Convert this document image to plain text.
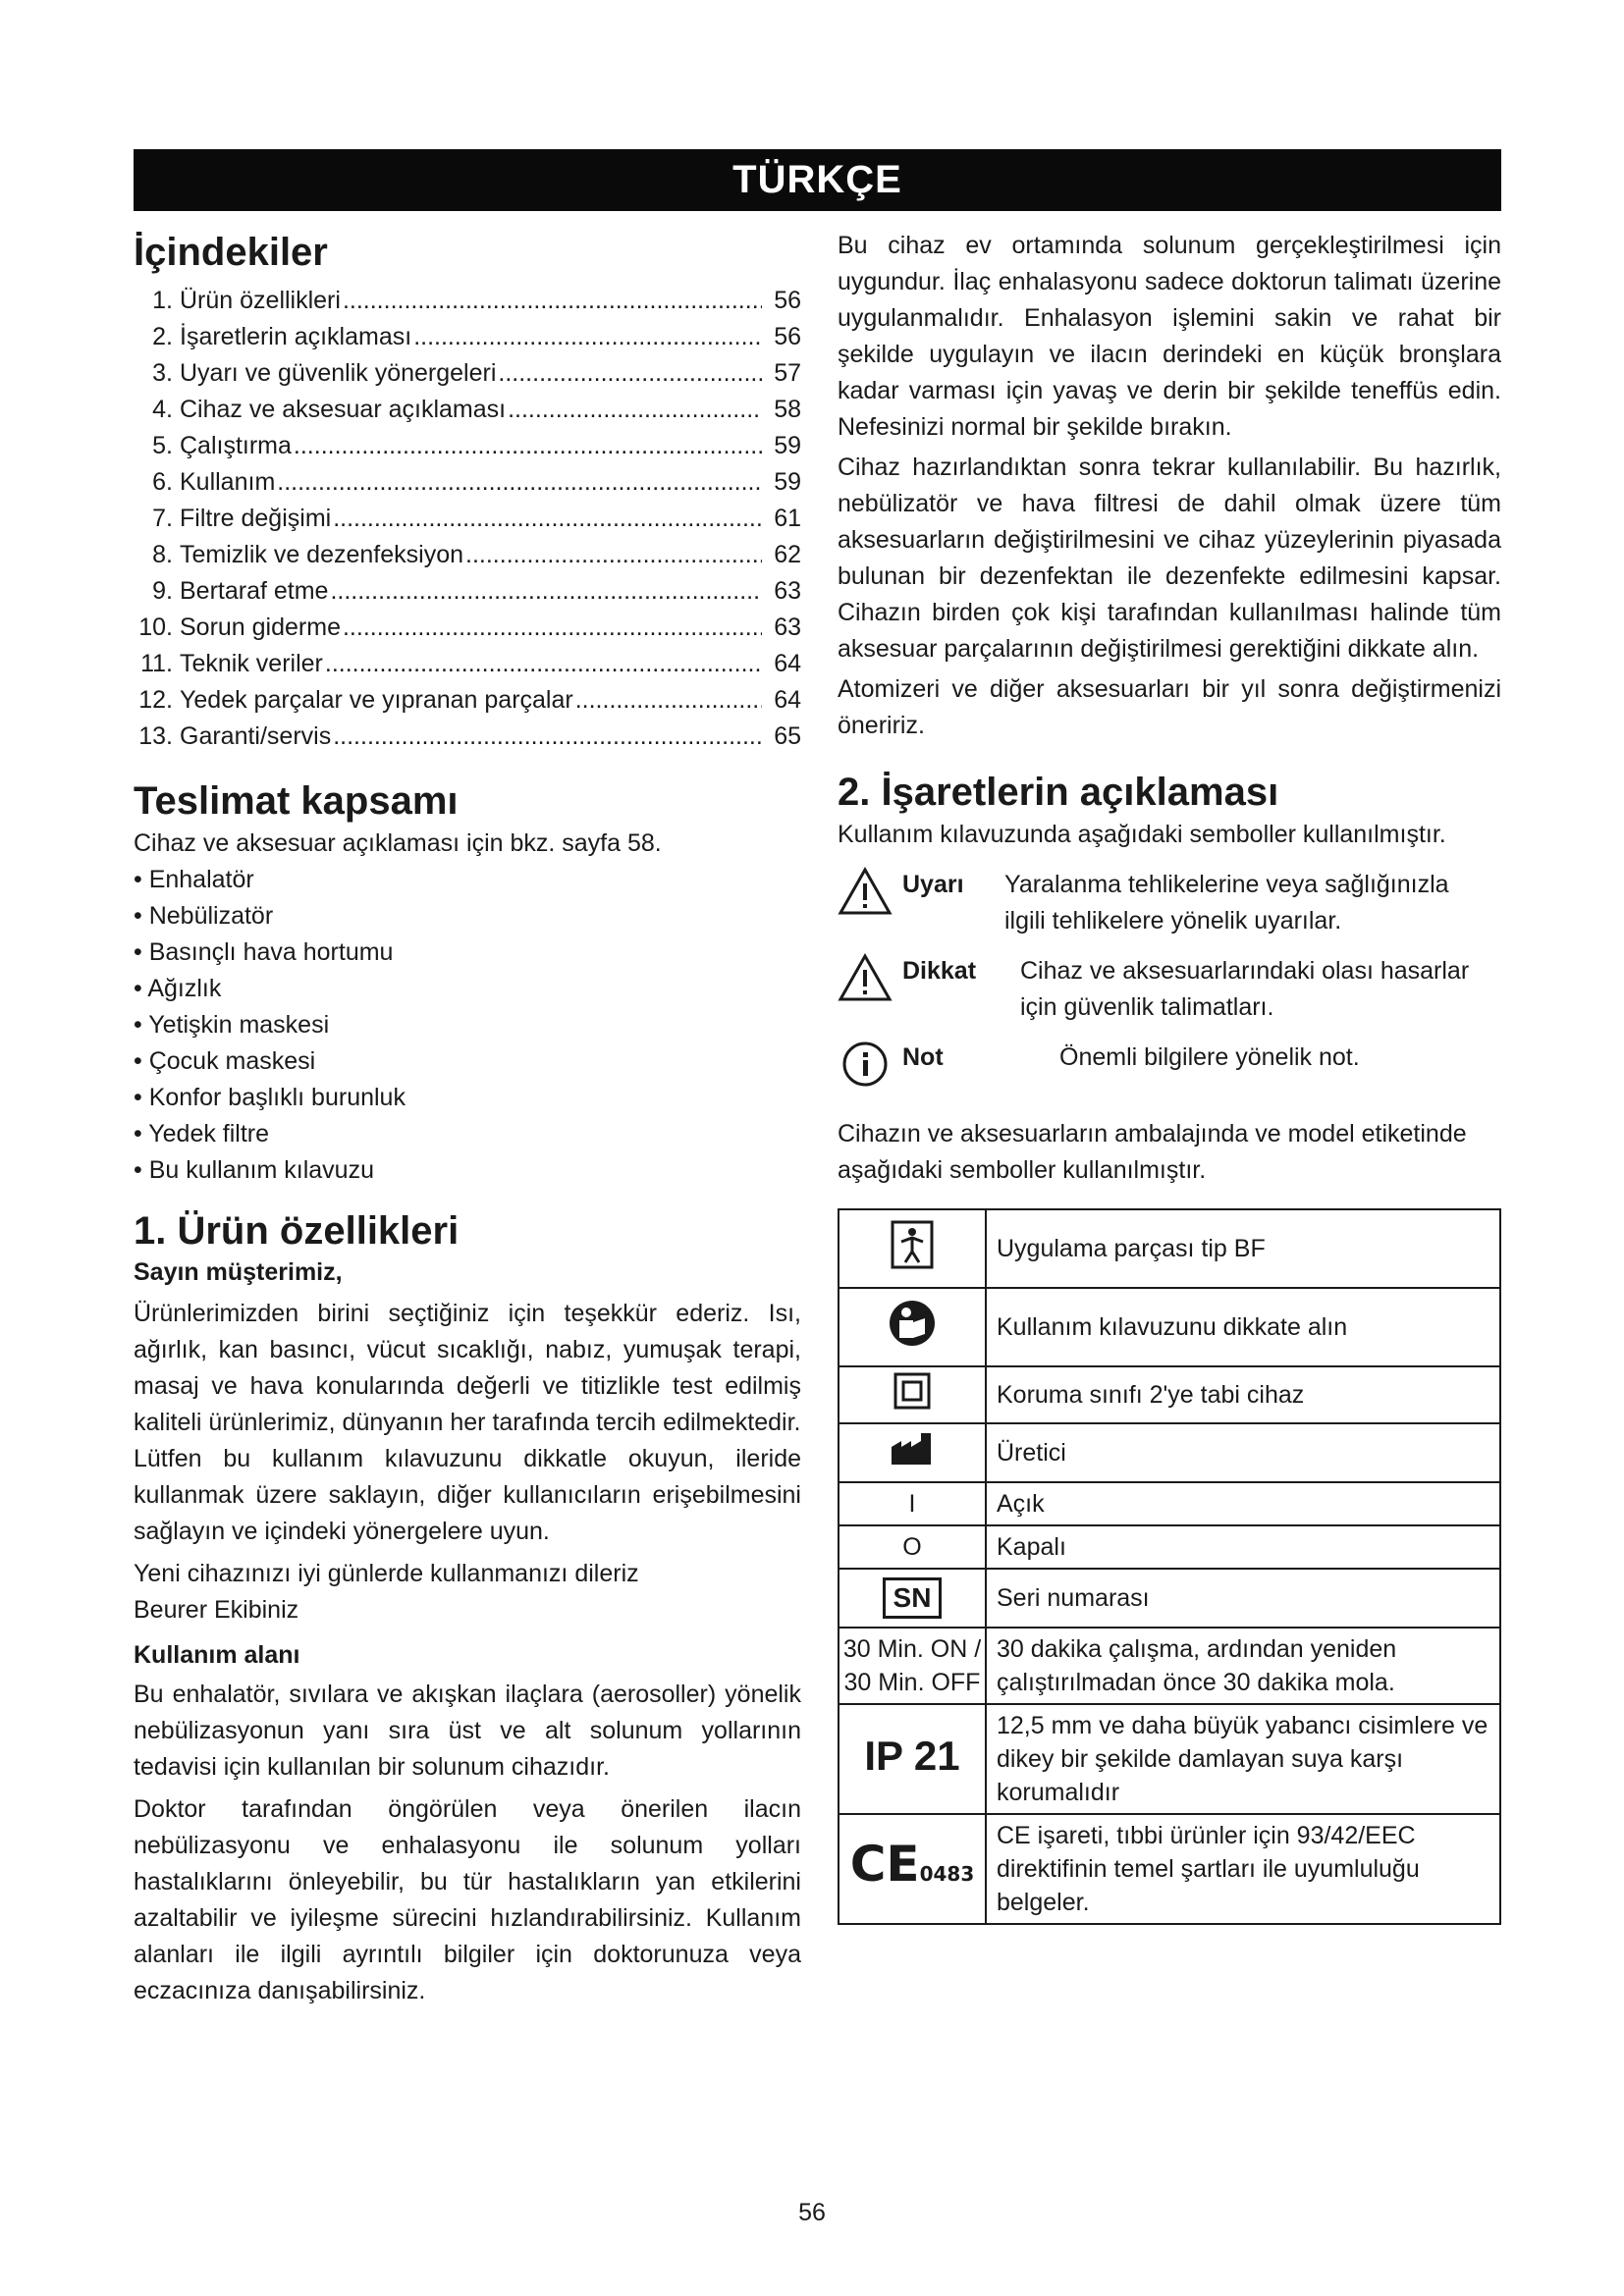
TÜRKÇE
İçindekiler
1. Ürün özellikleri .....	56
2. İşaretlerin açıklaması .....	56
3. Uyarı ve güvenlik yönergeleri .....	57
4. Cihaz ve aksesuar açıklaması .....	58
5. Çalıştırma .....	59
6. Kullanım .....	59
7. Filtre değişimi .....	61
8. Temizlik ve dezenfeksiyon .....	62
9. Bertaraf etme .....	63
10. Sorun giderme .....	63
11. Teknik veriler .....	64
12. Yedek parçalar ve yıpranan parçalar .....	64
13. Garanti/servis .....	65
Teslimat kapsamı

Cihaz ve aksesuar açıklaması için bkz. sayfa 58.

• Enhalatör
• Nebülizatör
• Basınçlı hava hortumu
• Ağızlık
• Yetişkin maskesi
• Çocuk maskesi
• Konfor başlıklı burunluk
• Yedek filtre
• Bu kullanım kılavuzu
1. Ürün özellikleri
Sayın müşterimiz,

Ürünlerimizden birini seçtiğiniz için teşekkür ederiz. Isı, ağırlık, kan basıncı, vücut sıcaklığı, nabız, yumuşak terapi, masaj ve hava konularında değerli ve titizlikle test edilmiş kaliteli ürünlerimiz, dünyanın her tarafında tercih edilmektedir.

Lütfen bu kullanım kılavuzunu dikkatle okuyun, ileride kullanmak üzere saklayın, diğer kullanıcıların erişebilmesini sağlayın ve içindeki yönergelere uyun.

Yeni cihazınızı iyi günlerde kullanmanızı dileriz

Beurer Ekibiniz

Kullanım alanı

Bu enhalatör, sıvılara ve akışkan ilaçlara (aerosoller) yönelik nebülizasyonun yanı sıra üst ve alt solunum yollarının tedavisi için kullanılan bir solunum cihazıdır.

Doktor tarafından öngörülen veya önerilen ilacın nebülizasyonu ve enhalasyonu ile solunum yolları hastalıklarını önleyebilir, bu tür hastalıkların yan etkilerini azaltabilir ve iyileşme sürecini hızlandırabilirsiniz. Kullanım alanları ile ilgili ayrıntılı bilgiler için doktorunuza veya eczacınıza danışabilirsiniz.

Bu cihaz ev ortamında solunum gerçekleştirilmesi için uygundur. İlaç enhalasyonu sadece doktorun talimatı üzerine uygulanmalıdır. Enhalasyon işlemini sakin ve rahat bir şekilde uygulayın ve ilacın derindeki en küçük bronşlara kadar varması için yavaş ve derin bir şekilde teneffüs edin. Nefesinizi normal bir şekilde bırakın.

Cihaz hazırlandıktan sonra tekrar kullanılabilir. Bu hazırlık, nebülizatör ve hava filtresi de dahil olmak üzere tüm aksesuarların değiştirilmesini ve cihaz yüzeylerinin piyasada bulunan bir dezenfektan ile dezenfekte edilmesini kapsar. Cihazın birden çok kişi tarafından kullanılması halinde tüm aksesuar parçalarının değiştirilmesi gerektiğini dikkate alın.

Atomizeri ve diğer aksesuarları bir yıl sonra değiştirmenizi öneririz.

2. İşaretlerin açıklaması

Kullanım kılavuzunda aşağıdaki semboller kullanılmıştır.

Uyarı	Yaralanma tehlikelerine veya sağlığınızla ilgili tehlikelere yönelik uyarılar.
Dikkat	Cihaz ve aksesuarlarındaki olası hasarlar için güvenlik talimatları.
Not	Önemli bilgilere yönelik not.

Cihazın ve aksesuarların ambalajında ve model etiketinde aşağıdaki semboller kullanılmıştır.

	Uygulama parçası tip BF
	Kullanım kılavuzunu dikkate alın
	Koruma sınıfı 2'ye tabi cihaz
	Üretici
I	Açık
O	Kapalı
SN	Seri numarası

30 Min. ON /
30 Min. OFF	30 dakika çalışma, ardından yeniden çalıştırılmadan önce 30 dakika mola.
IP 21	12,5 mm ve daha büyük yabancı cisimlere ve dikey bir şekilde damlayan suya karşı korumalıdır
CE0483	CE işareti, tıbbi ürünler için 93/42/EEC direktifinin temel şartları ile uyumluluğu belgeler.
56
